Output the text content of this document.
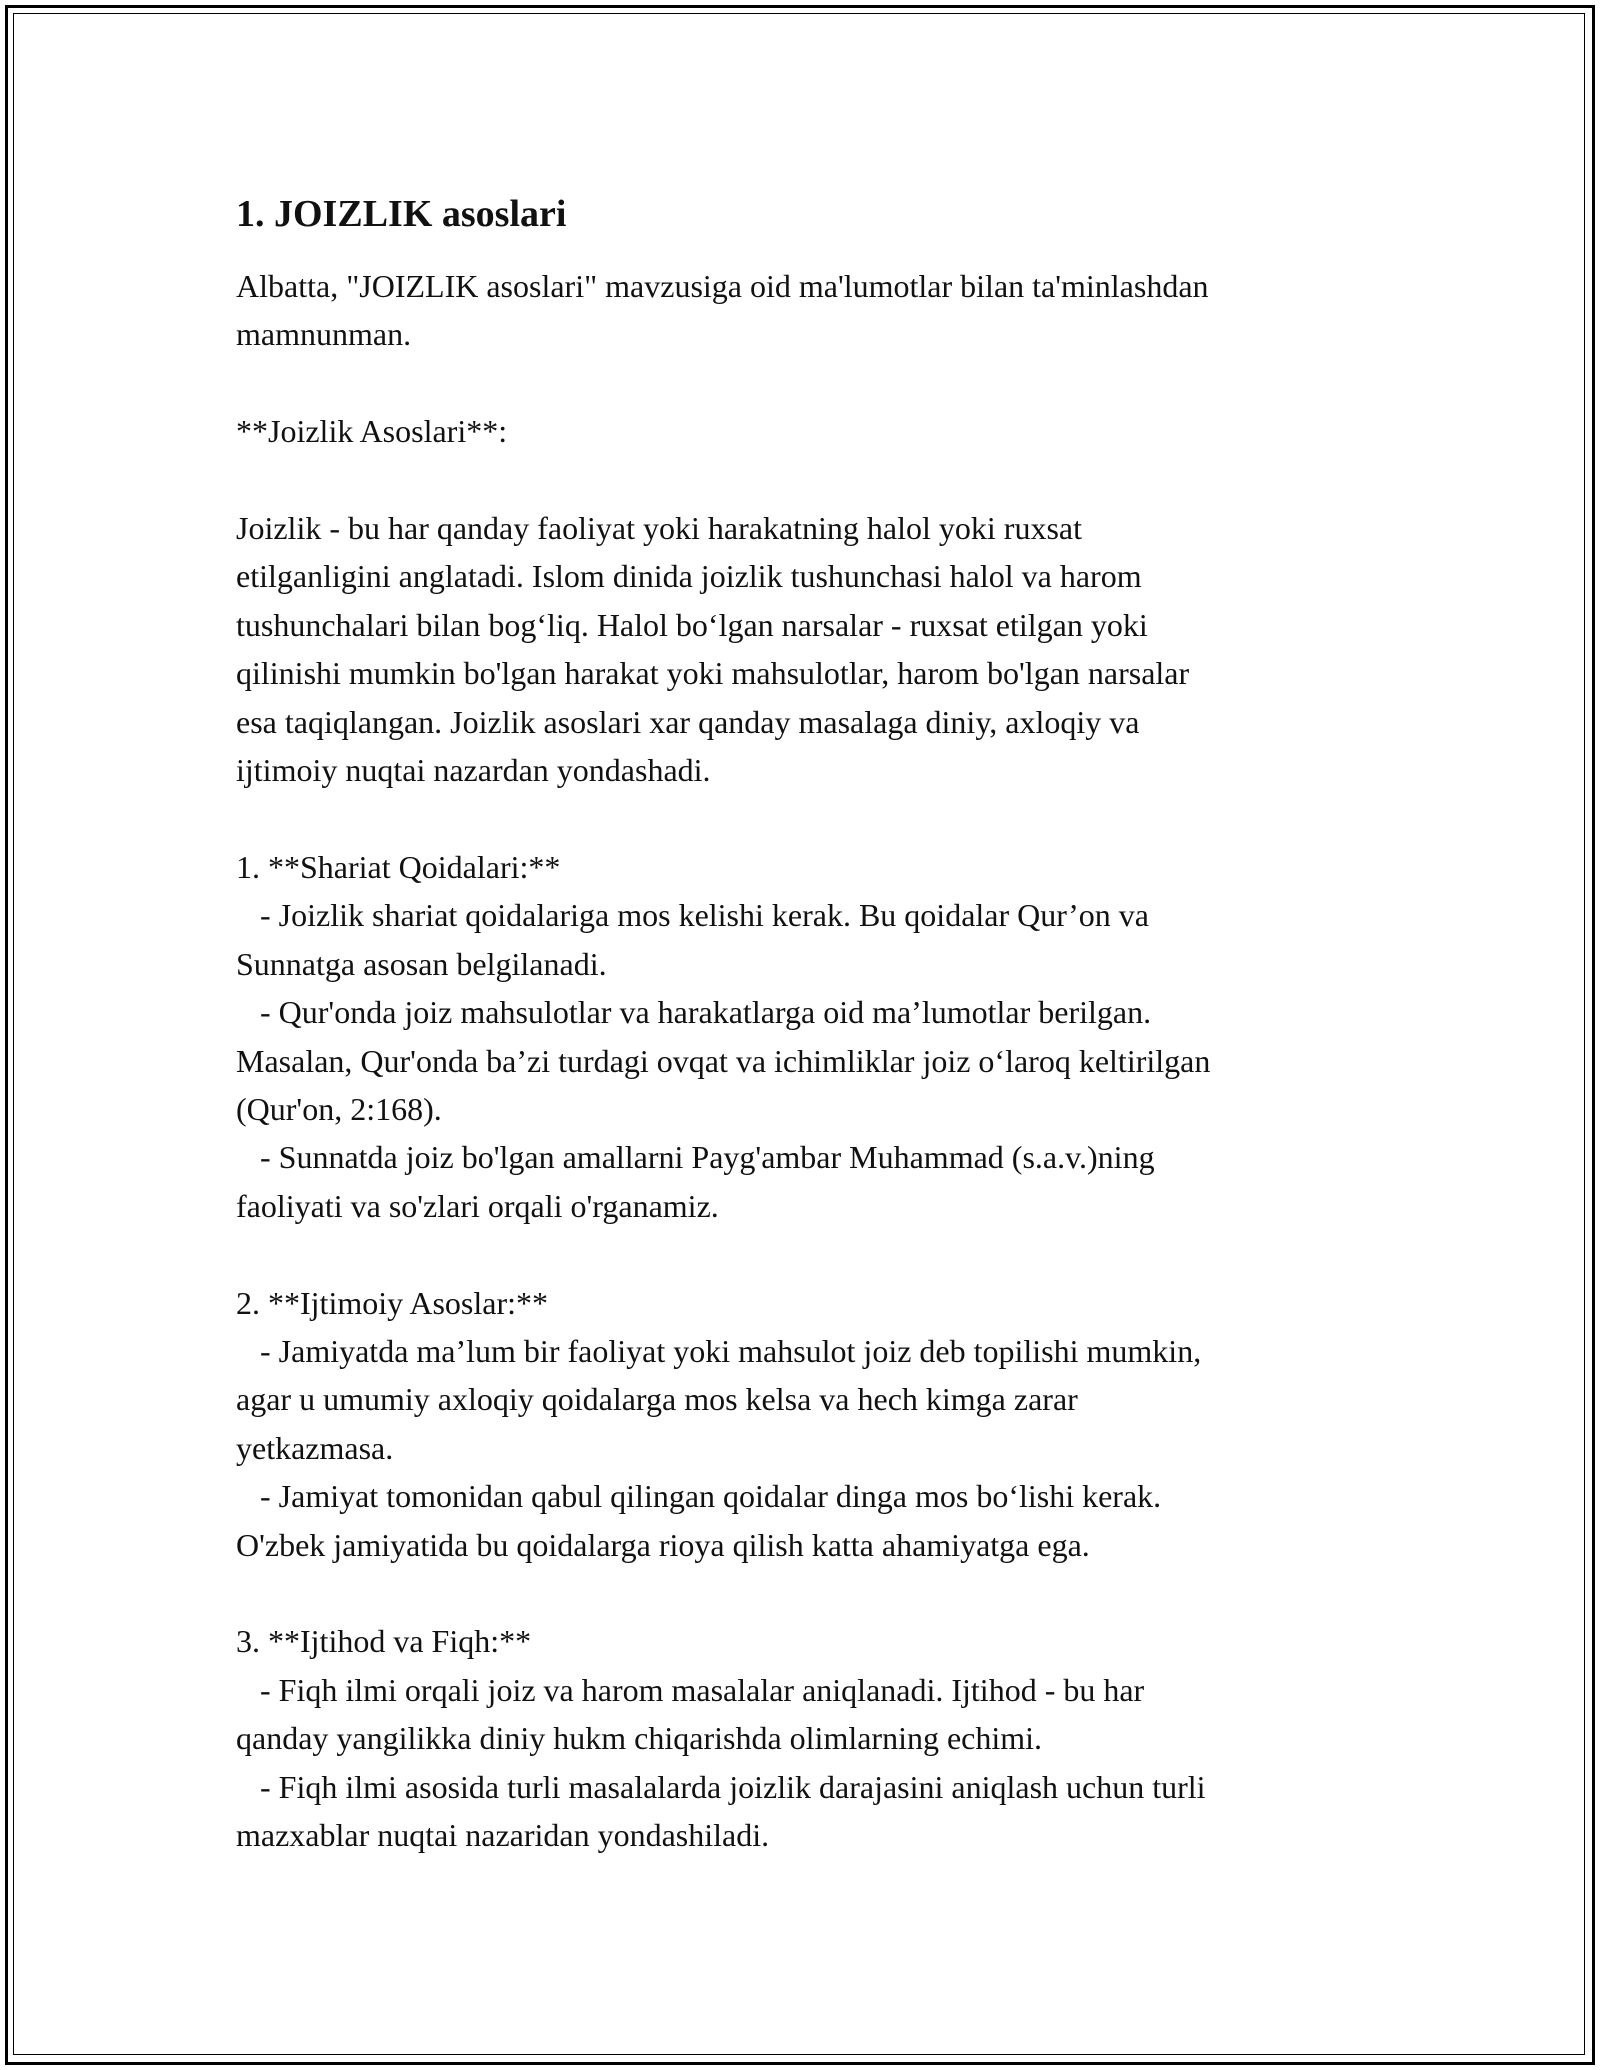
1. JOIZLIK asoslari
Albatta, "JOIZLIK asoslari" mavzusiga oid ma'lumotlar bilan ta'minlashdan
mamnunman.

**Joizlik Asoslari**:

Joizlik - bu har qanday faoliyat yoki harakatning halol yoki ruxsat
etilganligini anglatadi. Islom dinida joizlik tushunchasi halol va harom
tushunchalari bilan bog‘liq. Halol bo‘lgan narsalar - ruxsat etilgan yoki
qilinishi mumkin bo'lgan harakat yoki mahsulotlar, harom bo'lgan narsalar
esa taqiqlangan. Joizlik asoslari xar qanday masalaga diniy, axloqiy va
ijtimoiy nuqtai nazardan yondashadi.

1. **Shariat Qoidalari:**
- Joizlik shariat qoidalariga mos kelishi kerak. Bu qoidalar Qur’on va
Sunnatga asosan belgilanadi.
- Qur'onda joiz mahsulotlar va harakatlarga oid ma’lumotlar berilgan.
Masalan, Qur'onda ba’zi turdagi ovqat va ichimliklar joiz o‘laroq keltirilgan
(Qur'on, 2:168).
- Sunnatda joiz bo'lgan amallarni Payg'ambar Muhammad (s.a.v.)ning
faoliyati va so'zlari orqali o'rganamiz.

2. **Ijtimoiy Asoslar:**
- Jamiyatda ma’lum bir faoliyat yoki mahsulot joiz deb topilishi mumkin,
agar u umumiy axloqiy qoidalarga mos kelsa va hech kimga zarar
yetkazmasa.
- Jamiyat tomonidan qabul qilingan qoidalar dinga mos bo‘lishi kerak.
O'zbek jamiyatida bu qoidalarga rioya qilish katta ahamiyatga ega.

3. **Ijtihod va Fiqh:**
- Fiqh ilmi orqali joiz va harom masalalar aniqlanadi. Ijtihod - bu har
qanday yangilikka diniy hukm chiqarishda olimlarning echimi.
- Fiqh ilmi asosida turli masalalarda joizlik darajasini aniqlash uchun turli
mazxablar nuqtai nazaridan yondashiladi.
